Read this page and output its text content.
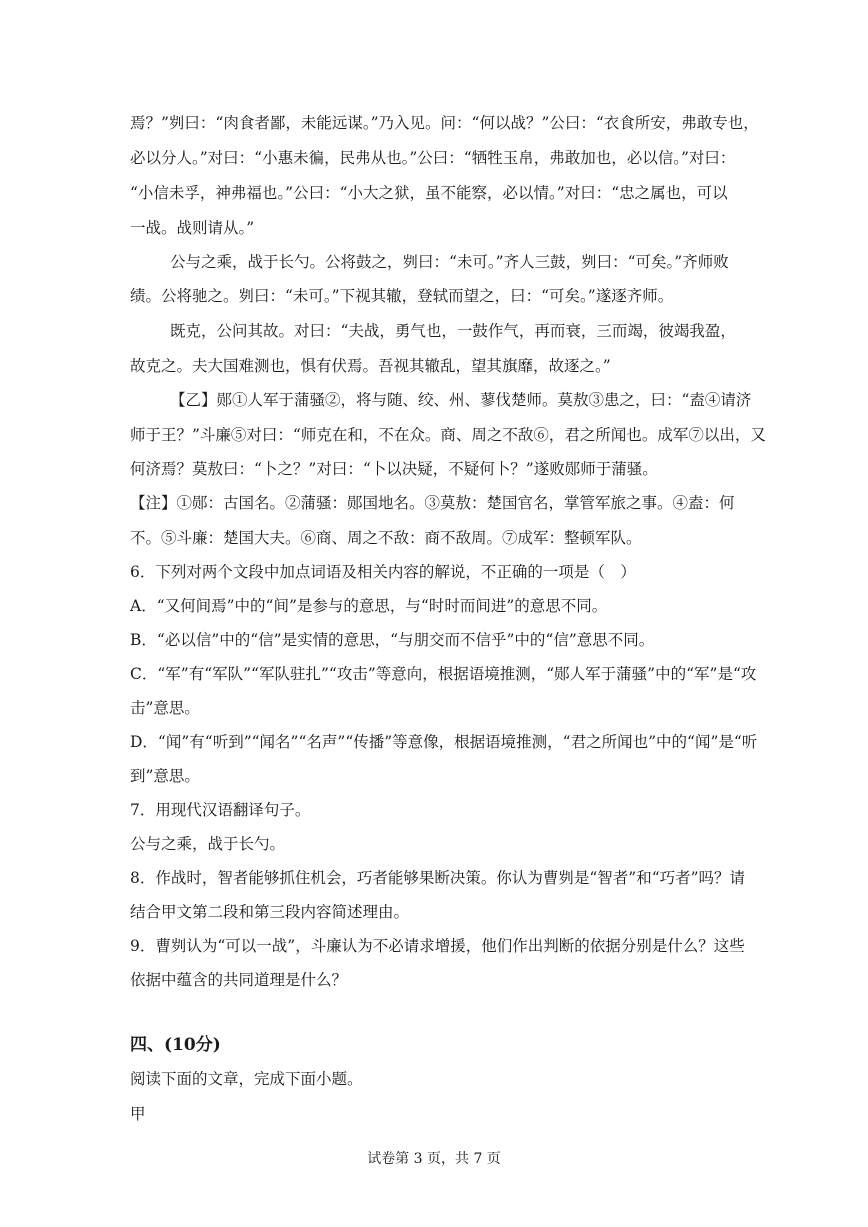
焉？”刿曰：“肉食者鄙，未能远谋。”乃入见。问：“何以战？”公曰：“衣食所安，弗敢专也，
必以分人。”对曰：“小惠未徧，民弗从也。”公曰：“牺牲玉帛，弗敢加也，必以信。”对曰：
“小信未孚，神弗福也。”公曰：“小大之狱，虽不能察，必以情。”对曰：“忠之属也，可以
一战。战则请从。”
公与之乘，战于长勺。公将鼓之，刿曰：“未可。”齐人三鼓，刿曰：“可矣。”齐师败
绩。公将驰之。刿曰：“未可。”下视其辙，登轼而望之，曰：“可矣。”遂逐齐师。
既克，公问其故。对曰：“夫战，勇气也，一鼓作气，再而衰，三而竭，彼竭我盈，
故克之。夫大国难测也，惧有伏焉。吾视其辙乱，望其旗靡，故逐之。”
【乙】郧①人军于蒲骚②，将与随、绞、州、蓼伐楚师。莫敖③患之，曰：“盍④请济
师于王？”斗廉⑤对曰：“师克在和，不在众。商、周之不敌⑥，君之所闻也。成军⑦以出，又
何济焉？莫敖曰：“卜之？”对曰：“卜以决疑，不疑何卜？”遂败郧师于蒲骚。
【注】①郧：古国名。②蒲骚：郧国地名。③莫敖：楚国官名，掌管军旅之事。④盍：何
不。⑤斗廉：楚国大夫。⑥商、周之不敌：商不敌周。⑦成军：整顿军队。
6．下列对两个文段中加点词语及相关内容的解说，不正确的一项是（　）
A．“又何间焉”中的“间”是参与的意思，与“时时而间进”的意思不同。
B．“必以信”中的“信”是实情的意思，“与朋交而不信乎”中的“信”意思不同。
C．“军”有“军队”“军队驻扎”“攻击”等意向，根据语境推测，“郧人军于蒲骚”中的“军”是“攻
击”意思。
D．“闻”有“听到”“闻名”“名声”“传播”等意像，根据语境推测，“君之所闻也”中的“闻”是“听
到”意思。
7．用现代汉语翻译句子。
公与之乘，战于长勺。
8．作战时，智者能够抓住机会，巧者能够果断决策。你认为曹刿是“智者”和“巧者”吗？请
结合甲文第二段和第三段内容简述理由。
9．曹刿认为“可以一战”，斗廉认为不必请求增援，他们作出判断的依据分别是什么？这些
依据中蕴含的共同道理是什么？
四、(10分)
阅读下面的文章，完成下面小题。
甲
试卷第 3 页，共 7 页
